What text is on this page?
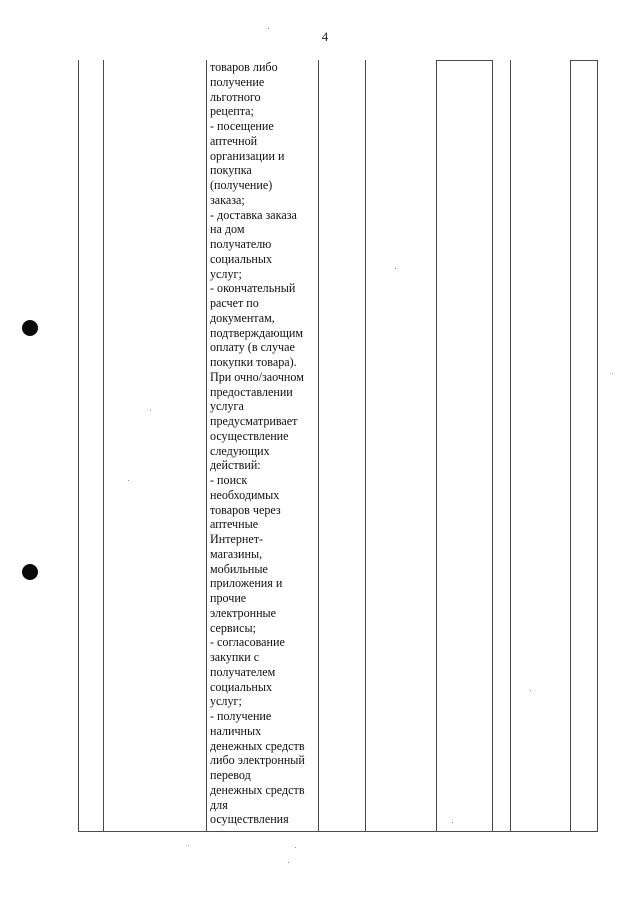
4
товаров либо
получение
льготного
рецепта;
- посещение
аптечной
организации и
покупка
(получение)
заказа;
- доставка заказа
на дом
получателю
социальных
услуг;
- окончательный
расчет по
документам,
подтверждающим
оплату (в случае
покупки товара).
При очно/заочном
предоставлении
услуга
предусматривает
осуществление
следующих
действий:
- поиск
необходимых
товаров через
аптечные
Интернет-
магазины,
мобильные
приложения и
прочие
электронные
сервисы;
- согласование
закупки с
получателем
социальных
услуг;
- получение
наличных
денежных средств
либо электронный
перевод
денежных средств
для
осуществления
